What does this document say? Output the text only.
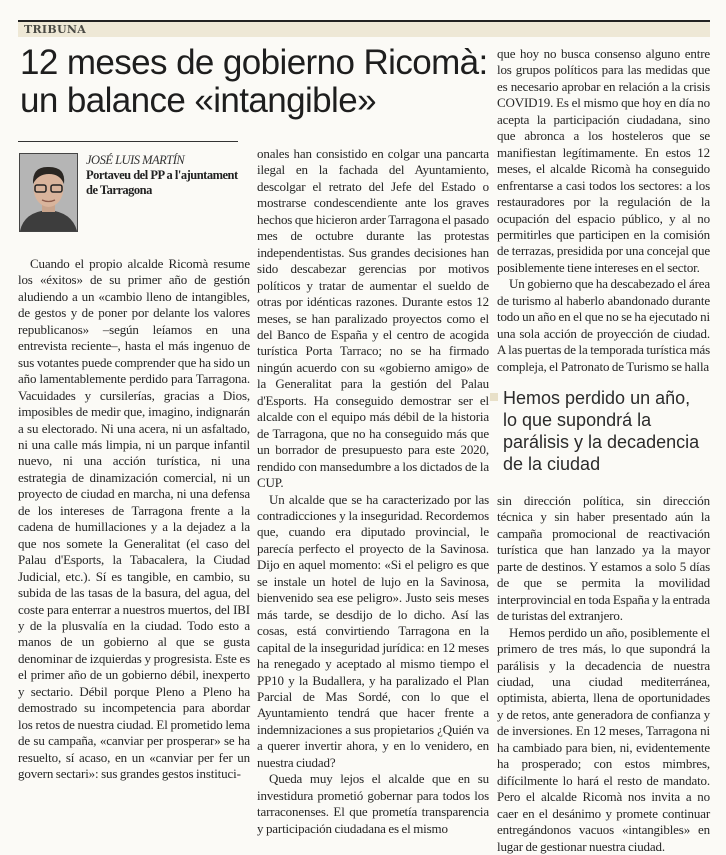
TRIBUNA
12 meses de gobierno Ricomà:
un balance «intangible»
JOSÉ LUIS MARTÍN
Portaveu del PP a l'ajuntament
de Tarragona

Cuando el propio alcalde Ricomà resume los «éxitos» de su primer año de gestión aludiendo a un «cambio lleno de intangibles, de gestos y de poner por delante los valores republicanos» –según leíamos en una entrevista reciente–, hasta el más ingenuo de sus votantes puede comprender que ha sido un año lamentablemente perdido para Tarragona. Vacuidades y cursilerías, gracias a Dios, imposibles de medir que, imagino, indignarán a su electorado. Ni una acera, ni un asfaltado, ni una calle más limpia, ni un parque infantil nuevo, ni una acción turística, ni una estrategia de dinamización comercial, ni un proyecto de ciudad en marcha, ni una defensa de los intereses de Tarragona frente a la cadena de humillaciones y a la dejadez a la que nos somete la Generalitat (el caso del Palau d'Esports, la Tabacalera, la Ciudad Judicial, etc.). Sí es tangible, en cambio, su subida de las tasas de la basura, del agua, del coste para enterrar a nuestros muertos, del IBI y de la plusvalía en la ciudad. Todo esto a manos de un gobierno al que se gusta denominar de izquierdas y progresista. Este es el primer año de un gobierno débil, inexperto y sectario. Débil porque Pleno a Pleno ha demostrado su incompetencia para abordar los retos de nuestra ciudad. El prometido lema de su campaña, «canviar per prosperar» se ha resuelto, sí acaso, en un «canviar per fer un govern sectari»: sus grandes gestos instituci-

onales han consistido en colgar una pancarta ilegal en la fachada del Ayuntamiento, descolgar el retrato del Jefe del Estado o mostrarse condescendiente ante los graves hechos que hicieron arder Tarragona el pasado mes de octubre durante las protestas independentistas. Sus grandes decisiones han sido descabezar gerencias por motivos políticos y tratar de aumentar el sueldo de otras por idénticas razones. Durante estos 12 meses, se han paralizado proyectos como el del Banco de España y el centro de acogida turística Porta Tarraco; no se ha firmado ningún acuerdo con su «gobierno amigo» de la Generalitat para la gestión del Palau d'Esports. Ha conseguido demostrar ser el alcalde con el equipo más débil de la historia de Tarragona, que no ha conseguido más que un borrador de presupuesto para este 2020, rendido con mansedumbre a los dictados de la CUP.

Un alcalde que se ha caracterizado por las contradicciones y la inseguridad. Recordemos que, cuando era diputado provincial, le parecía perfecto el proyecto de la Savinosa. Dijo en aquel momento: «Si el peligro es que se instale un hotel de lujo en la Savinosa, bienvenido sea ese peligro». Justo seis meses más tarde, se desdijo de lo dicho. Así las cosas, está convirtiendo Tarragona en la capital de la inseguridad jurídica: en 12 meses ha renegado y aceptado al mismo tiempo el PP10 y la Budallera, y ha paralizado el Plan Parcial de Mas Sordé, con lo que el Ayuntamiento tendrá que hacer frente a indemnizaciones a sus propietarios ¿Quién va a querer invertir ahora, y en lo venidero, en nuestra ciudad?

Queda muy lejos el alcalde que en su investidura prometió gobernar para todos los tarraconenses. El que prometía transparencia y participación ciudadana es el mismo

que hoy no busca consenso alguno entre los grupos políticos para las medidas que es necesario aprobar en relación a la crisis COVID19. Es el mismo que hoy en día no acepta la participación ciudadana, sino que abronca a los hosteleros que se manifiestan legítimamente. En estos 12 meses, el alcalde Ricomà ha conseguido enfrentarse a casi todos los sectores: a los restauradores por la regulación de la ocupación del espacio público, y al no permitirles que participen en la comisión de terrazas, presidida por una concejal que posiblemente tiene intereses en el sector.

Un gobierno que ha descabezado el área de turismo al haberlo abandonado durante todo un año en el que no se ha ejecutado ni una sola acción de proyección de ciudad. A las puertas de la temporada turística más compleja, el Patronato de Turismo se halla

Hemos perdido un año, lo que supondrá la parálisis y la decadencia de la ciudad

sin dirección política, sin dirección técnica y sin haber presentado aún la campaña promocional de reactivación turística que han lanzado ya la mayor parte de destinos. Y estamos a solo 5 días de que se permita la movilidad interprovincial en toda España y la entrada de turistas del extranjero.

Hemos perdido un año, posiblemente el primero de tres más, lo que supondrá la parálisis y la decadencia de nuestra ciudad, una ciudad mediterránea, optimista, abierta, llena de oportunidades y de retos, ante generadora de confianza y de inversiones. En 12 meses, Tarragona ni ha cambiado para bien, ni, evidentemente ha prosperado; con estos mimbres, difícilmente lo hará el resto de mandato. Pero el alcalde Ricomà nos invita a no caer en el desánimo y promete continuar entregándonos vacuos «intangibles» en lugar de gestionar nuestra ciudad.
